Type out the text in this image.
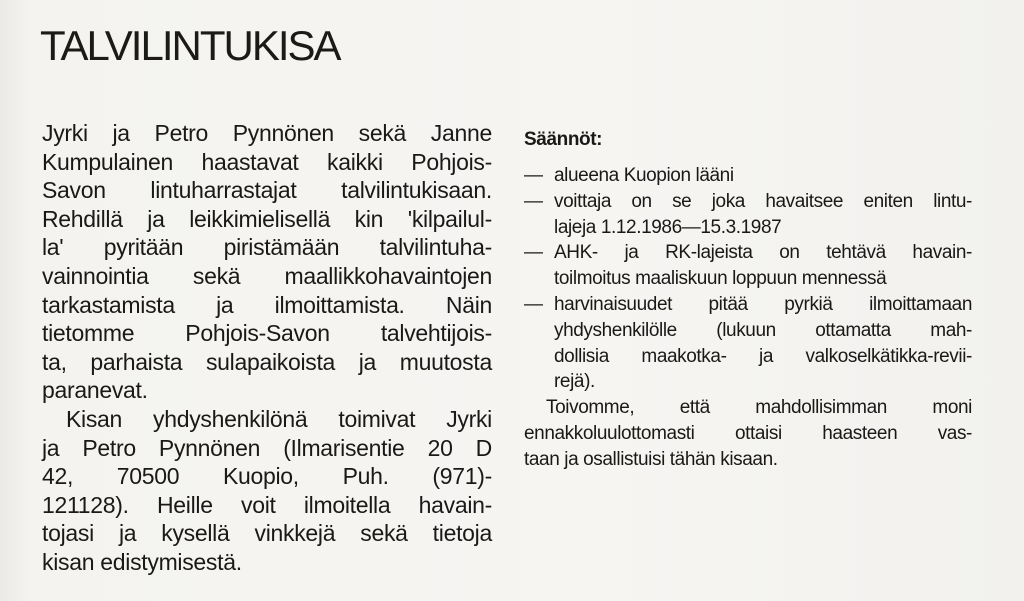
TALVILINTUKISA
Jyrki ja Petro Pynnönen sekä Janne
Kumpulainen haastavat kaikki Pohjois-
Savon lintuharrastajat talvilintukisaan.
Rehdillä ja leikkimielisellä kin 'kilpailul-
la' pyritään piristämään talvilintuha-
vainnointia sekä maallikkohavaintojen
tarkastamista ja ilmoittamista. Näin
tietomme Pohjois-Savon talvehtijois-
ta, parhaista sulapaikoista ja muutosta
paranevat.
Kisan yhdyshenkilönä toimivat Jyrki
ja Petro Pynnönen (Ilmarisentie 20 D
42, 70500 Kuopio, Puh. (971)-
121128). Heille voit ilmoitella havain-
tojasi ja kysellä vinkkejä sekä tietoja
kisan edistymisestä.
Säännöt:
— alueena Kuopion lääni
— voittaja on se joka havaitsee eniten lintu-
lajeja 1.12.1986—15.3.1987
— AHK- ja RK-lajeista on tehtävä havain-
toilmoitus maaliskuun loppuun mennessä
— harvinaisuudet pitää pyrkiä ilmoittamaan
yhdyshenkilölle (lukuun ottamatta mah-
dollisia maakotka- ja valkoselkätikka-revii-
rejä).
Toivomme, että mahdollisimman moni
ennakkoluulottomasti ottaisi haasteen vas-
taan ja osallistuisi tähän kisaan.
